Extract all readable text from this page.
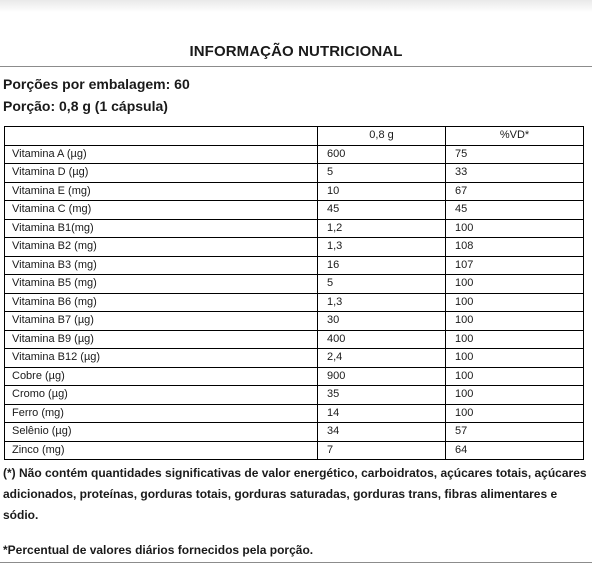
INFORMAÇÃO NUTRICIONAL
Porções por embalagem: 60
Porção: 0,8 g (1 cápsula)
	0,8 g	%VD*
Vitamina A (µg)	600	75
Vitamina D (µg)	5	33
Vitamina E (mg)	10	67
Vitamina C (mg)	45	45
Vitamina B1(mg)	1,2	100
Vitamina B2 (mg)	1,3	108
Vitamina B3 (mg)	16	107
Vitamina B5 (mg)	5	100
Vitamina B6 (mg)	1,3	100
Vitamina B7 (µg)	30	100
Vitamina B9 (µg)	400	100
Vitamina B12 (µg)	2,4	100
Cobre (µg)	900	100
Cromo (µg)	35	100
Ferro (mg)	14	100
Selênio (µg)	34	57
Zinco (mg)	7	64
(*) Não contém quantidades significativas de valor energético, carboidratos, açúcares totais, açúcares adicionados, proteínas, gorduras totais, gorduras saturadas, gorduras trans, fibras alimentares e sódio.
*Percentual de valores diários fornecidos pela porção.
